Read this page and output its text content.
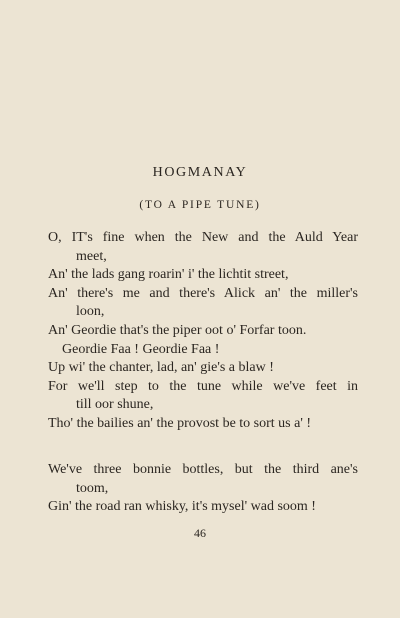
HOGMANAY

(TO A PIPE TUNE)

O, IT's fine when the New and the Auld Year
meet,
An' the lads gang roarin' i' the lichtit street,
An' there's me and there's Alick an' the miller's
loon,
An' Geordie that's the piper oot o' Forfar toon.
Geordie Faa ! Geordie Faa !
Up wi' the chanter, lad, an' gie's a blaw !
For we'll step to the tune while we've feet in
till oor shune,
Tho' the bailies an' the provost be to sort us a' !
We've three bonnie bottles, but the third ane's
toom,
Gin' the road ran whisky, it's mysel' wad soom !

46
